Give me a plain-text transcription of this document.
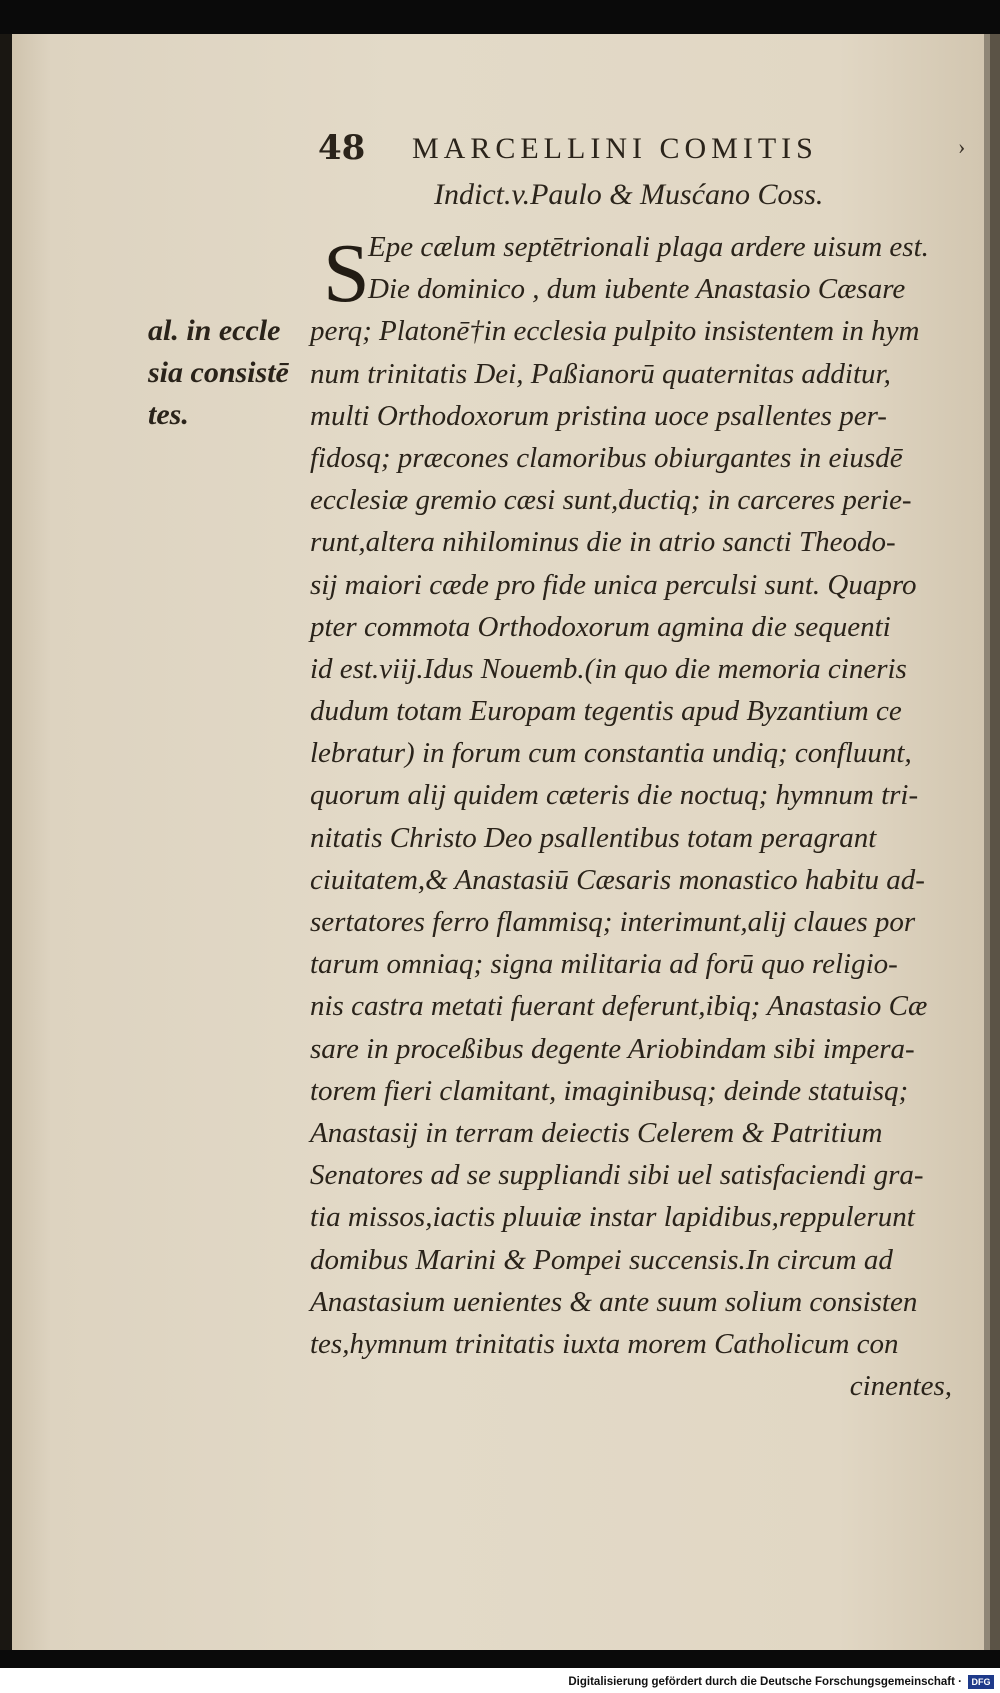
48 MARCELLINI COMITIS	›
Indict.v.Paulo & Musćano Coss.
S
al. in eccle
sia consistē
tes.
Epe cælum septētrionali plaga ardere uisum est.
Die dominico , dum iubente Anastasio Cæsare
perq; Platonē†in ecclesia pulpito insistentem in hym
num trinitatis Dei, Paßianorū quaternitas additur,
multi Orthodoxorum pristina uoce psallentes per-
fidosq; præcones clamoribus obiurgantes in eiusdē
ecclesiæ gremio cæsi sunt,ductiq; in carceres perie-
runt,altera nihilominus die in atrio sancti Theodo-
sij maiori cæde pro fide unica perculsi sunt. Quapro
pter commota Orthodoxorum agmina die sequenti
id est.viij.Idus Nouemb.(in quo die memoria cineris
dudum totam Europam tegentis apud Byzantium ce
lebratur) in forum cum constantia undiq; confluunt,
quorum alij quidem cæteris die noctuq; hymnum tri-
nitatis Christo Deo psallentibus totam peragrant
ciuitatem,& Anastasiū Cæsaris monastico habitu ad-
sertatores ferro flammisq; interimunt,alij claues por
tarum omniaq; signa militaria ad forū quo religio-
nis castra metati fuerant deferunt,ibiq; Anastasio Cæ
sare in proceßibus degente Ariobindam sibi impera-
torem fieri clamitant, imaginibusq; deinde statuisq;
Anastasij in terram deiectis Celerem & Patritium
Senatores ad se suppliandi sibi uel satisfaciendi gra-
tia missos,iactis pluuiæ instar lapidibus,reppulerunt
domibus Marini & Pompei succensis.In circum ad
Anastasium uenientes & ante suum solium consisten
tes,hymnum trinitatis iuxta morem Catholicum con
cinentes,
Digitalisierung gefördert durch die Deutsche Forschungsgemeinschaft ·	DFG
